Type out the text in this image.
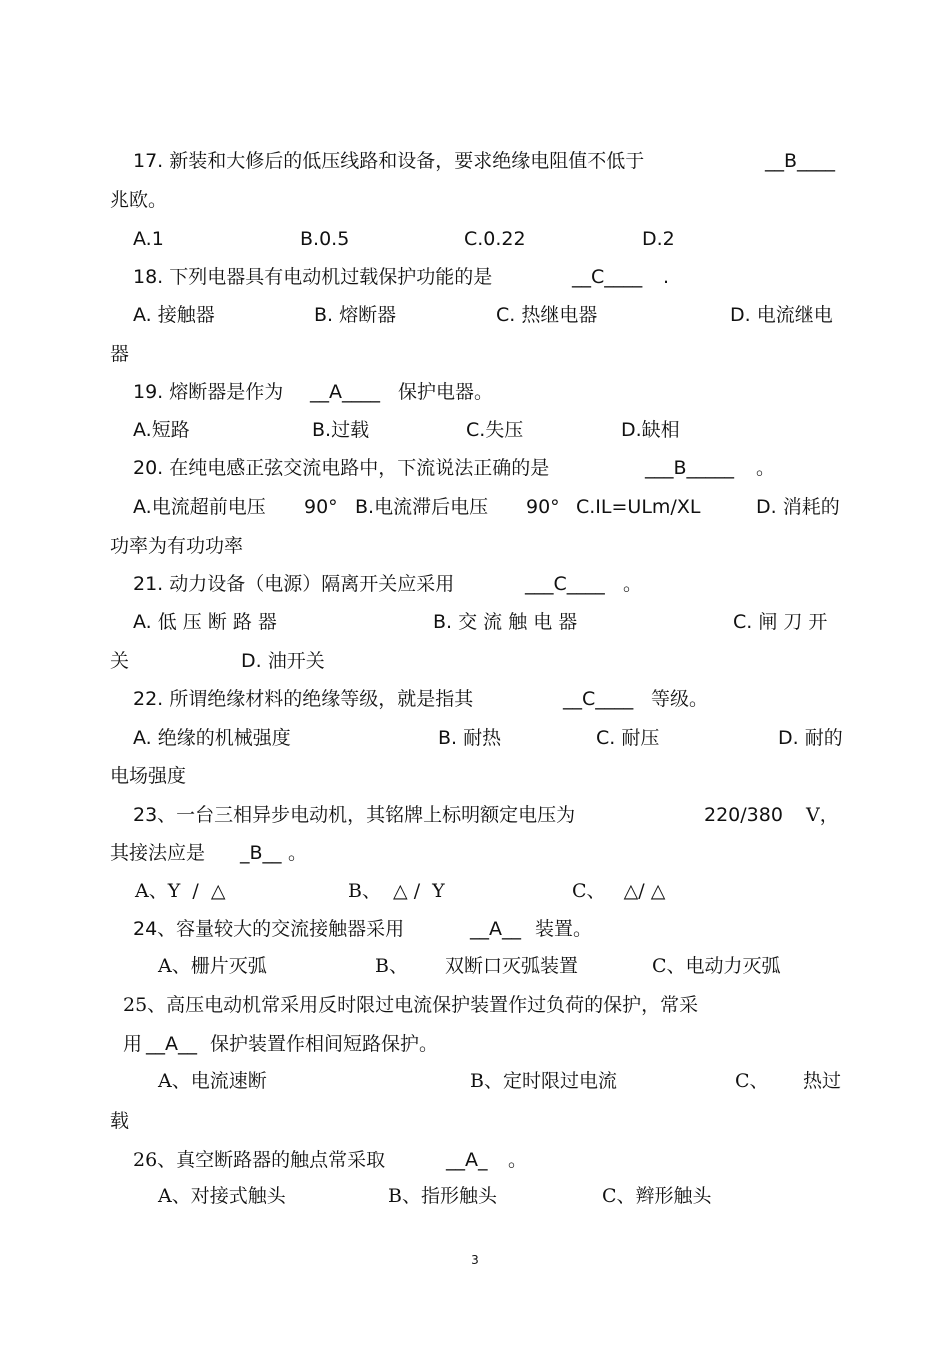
17. 新装和大修后的低压线路和设备，要求绝缘电阻值不低于	__B____
兆欧。
A.1	B.0.5	C.0.22	D.2
18. 下列电器具有电动机过载保护功能的是	__C____ .
A. 接触器	B. 熔断器	C. 热继电器	D. 电流继电
器
19. 熔断器是作为 __A____ 保护电器。
A.短路	B.过载	C.失压	D.缺相
20. 在纯电感正弦交流电路中，下流说法正确的是	___B_____ 。
A.电流超前电压 90° B.电流滞后电压 90° C.IL=ULm/XL	D. 消耗的
功率为有功功率
21. 动力设备（电源）隔离开关应采用	___C____ 。
A. 低 压 断 路 器	B. 交 流 触 电 器	C. 闸 刀 开
关	D. 油开关
22. 所谓绝缘材料的绝缘等级，就是指其	__C____ 等级。
A. 绝缘的机械强度	B. 耐热	C. 耐压	D. 耐的
电场强度
23、一台三相异步电动机，其铭牌上标明额定电压为	220/380 V，
其接法应是 _B__ 。
A、Y  /  △	B、  △ /  Y	C、   △/ △
24、容量较大的交流接触器采用	__A__ 装置。
A、栅片灭弧	B、 双断口灭弧装置	C、电动力灭弧
25、高压电动机常采用反时限过电流保护装置作过负荷的保护，常采
用 __A__ 保护装置作相间短路保护。
A、电流速断	B、定时限过电流	C、 热过
载
26、真空断路器的触点常采取	__A_ 。
A、对接式触头	B、指形触头	C、辫形触头
3
